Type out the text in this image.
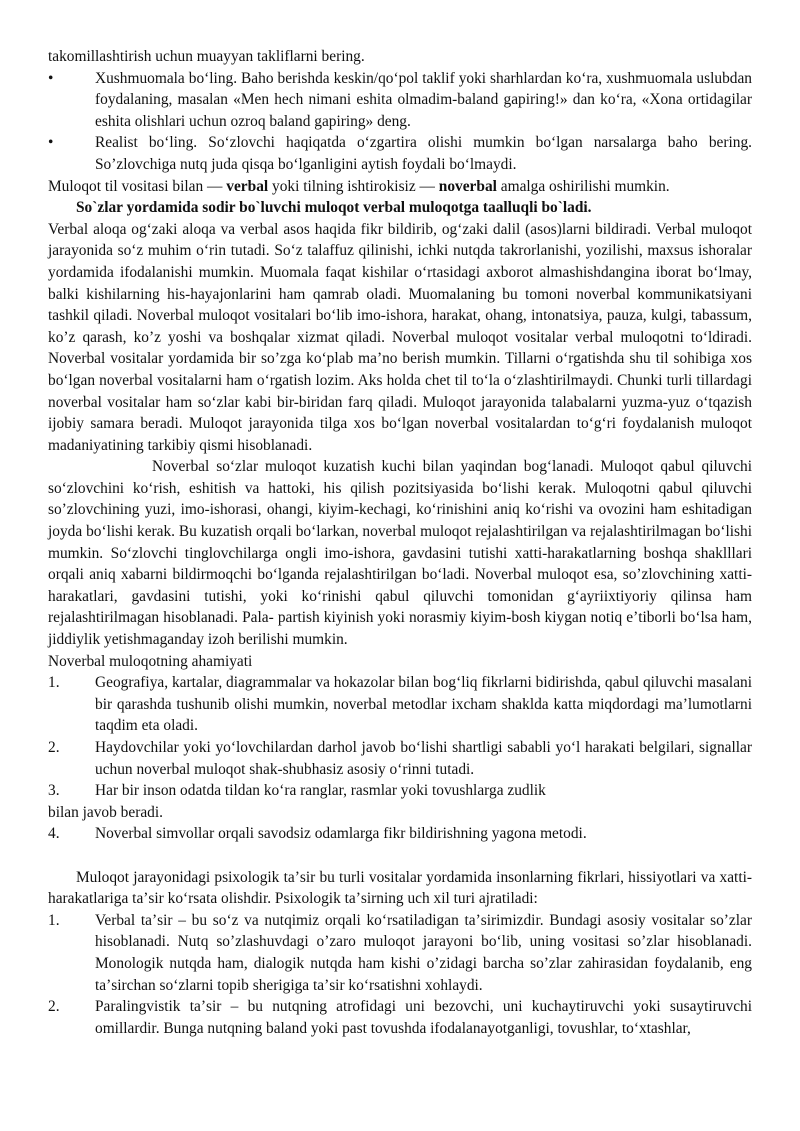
takomillashtirish uchun muayyan takliflarni bering.

•	Xushmuomala boʻling. Baho berishda keskin/qoʻpol taklif yoki sharhlardan koʻra, xushmuomala uslubdan foydalaning, masalan «Men hech nimani eshita olmadim-baland gapiring!» dan koʻra, «Xona ortidagilar eshita olishlari uchun ozroq baland gapiring» deng.
•	Realist boʻling. Soʻzlovchi haqiqatda oʻzgartira olishi mumkin boʻlgan narsalarga baho bering. Soʼzlovchiga nutq juda qisqa boʻlganligini aytish foydali boʻlmaydi.

Muloqot til vositasi bilan — verbal yoki tilning ishtirokisiz — noverbal amalga oshirilishi mumkin.

So`zlar yordamida sodir bo`luvchi muloqot verbal muloqotga taalluqli bo`ladi.

Verbal aloqa ogʻzaki aloqa va verbal asos haqida fikr bildirib, ogʻzaki dalil (asos)larni bildiradi. Verbal muloqot jarayonida soʻz muhim oʻrin tutadi. Soʻz talaffuz qilinishi, ichki nutqda takrorlanishi, yozilishi, maxsus ishoralar yordamida ifodalanishi mumkin. Muomala faqat kishilar oʻrtasidagi axborot almashishdangina iborat boʻlmay, balki kishilarning his-hayajonlarini ham qamrab oladi. Muomalaning bu tomoni noverbal kommunikatsiyani tashkil qiladi. Noverbal muloqot vositalari boʻlib imo-ishora, harakat, ohang, intonatsiya, pauza, kulgi, tabassum, koʼz qarash, koʼz yoshi va boshqalar xizmat qiladi. Noverbal muloqot vositalar verbal muloqotni toʻldiradi. Noverbal vositalar yordamida bir soʼzga koʻplab maʼno berish mumkin. Tillarni oʻrgatishda shu til sohibiga xos boʻlgan noverbal vositalarni ham oʻrgatish lozim. Aks holda chet til toʻla oʻzlashtirilmaydi. Chunki turli tillardagi noverbal vositalar ham soʻzlar kabi bir-biridan farq qiladi. Muloqot jarayonida talabalarni yuzma-yuz oʻtqazish ijobiy samara beradi. Muloqot jarayonida tilga xos boʻlgan noverbal vositalardan toʻgʻri foydalanish muloqot madaniyatining tarkibiy qismi hisoblanadi.

Noverbal soʻzlar muloqot kuzatish kuchi bilan yaqindan bogʻlanadi. Muloqot qabul qiluvchi soʻzlovchini koʻrish, eshitish va hattoki, his qilish pozitsiyasida boʻlishi kerak. Muloqotni qabul qiluvchi soʼzlovchining yuzi, imo-ishorasi, ohangi, kiyim-kechagi, koʻrinishini aniq koʻrishi va ovozini ham eshitadigan joyda boʻlishi kerak. Bu kuzatish orqali boʻlarkan, noverbal muloqot rejalashtirilgan va rejalashtirilmagan boʻlishi mumkin. Soʻzlovchi tinglovchilarga ongli imo-ishora, gavdasini tutishi xatti-harakatlarning boshqa shaklllari orqali aniq xabarni bildirmoqchi boʻlganda rejalashtirilgan boʻladi. Noverbal muloqot esa, soʼzlovchining xatti-harakatlari, gavdasini tutishi, yoki koʻrinishi qabul qiluvchi tomonidan gʻayriixtiyoriy qilinsa ham rejalashtirilmagan hisoblanadi. Pala- partish kiyinish yoki norasmiy kiyim-bosh kiygan notiq eʼtiborli boʻlsa ham, jiddiylik yetishmaganday izoh berilishi mumkin.

Noverbal muloqotning ahamiyati

1.	Geografiya, kartalar, diagrammalar va hokazolar bilan bogʻliq fikrlarni bidirishda, qabul qiluvchi masalani bir qarashda tushunib olishi mumkin, noverbal metodlar ixcham shaklda katta miqdordagi maʼlumotlarni taqdim eta oladi.
2.	Haydovchilar yoki yoʻlovchilardan darhol javob boʻlishi shartligi sababli yoʻl harakati belgilari, signallar uchun noverbal muloqot shak-shubhasiz asosiy oʻrinni tutadi.
3.	Har bir inson odatda tildan koʻra ranglar, rasmlar yoki tovushlarga zudlik

bilan javob beradi.

4.	Noverbal simvollar orqali savodsiz odamlarga fikr bildirishning yagona metodi.

Muloqot jarayonidagi psixologik taʼsir bu turli vositalar yordamida insonlarning fikrlari, hissiyotlari va xatti-harakatlariga taʼsir koʻrsata olishdir. Psixologik taʼsirning uch xil turi ajratiladi:

1.	Verbal taʼsir – bu soʻz va nutqimiz orqali koʻrsatiladigan taʼsirimizdir. Bundagi asosiy vositalar soʼzlar hisoblanadi. Nutq soʼzlashuvdagi oʼzaro muloqot jarayoni boʻlib, uning vositasi soʼzlar hisoblanadi. Monologik nutqda ham, dialogik nutqda ham kishi oʼzidagi barcha soʼzlar zahirasidan foydalanib, eng taʼsirchan soʻzlarni topib sherigiga taʼsir koʻrsatishni xohlaydi.
2.	Paralingvistik taʼsir – bu nutqning atrofidagi uni bezovchi, uni kuchaytiruvchi yoki susaytiruvchi omillardir. Bunga nutqning baland yoki past tovushda ifodalanayotganligi, tovushlar, toʻxtashlar,
